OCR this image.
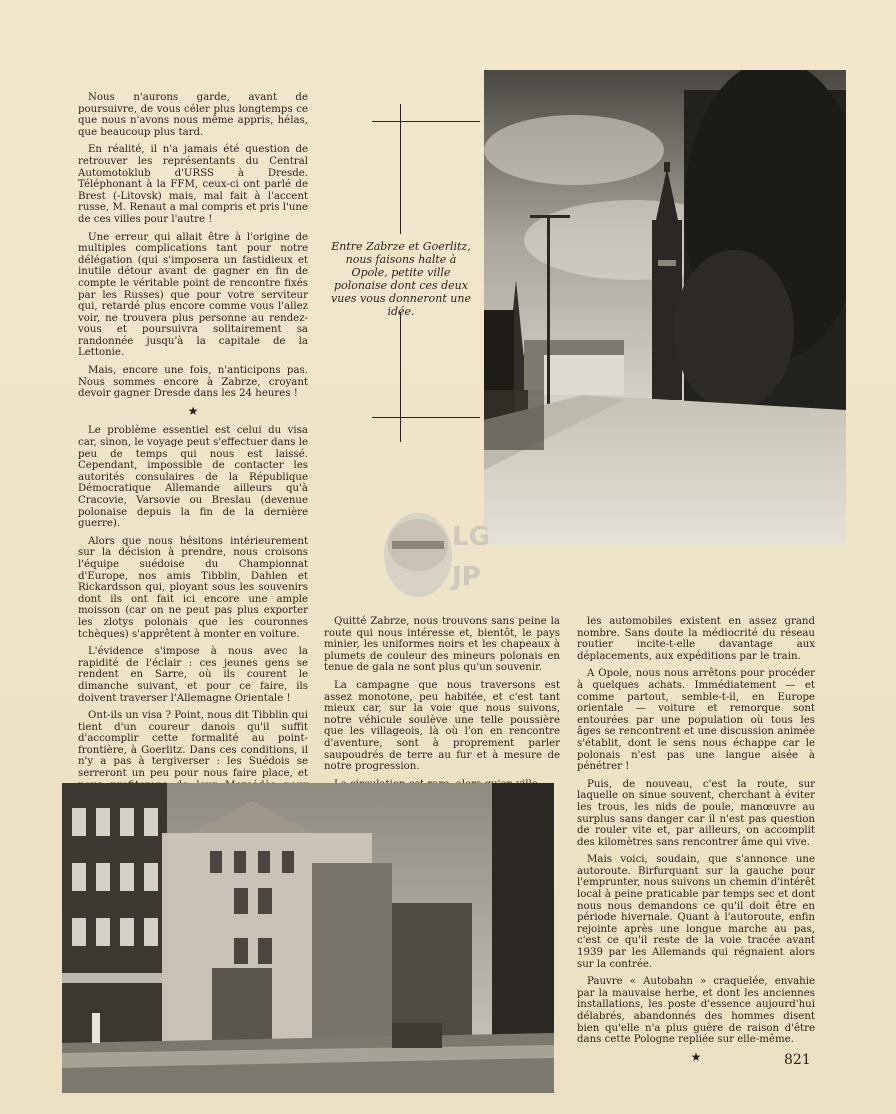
Nous n'aurons garde, avant de poursuivre, de vous céler plus longtemps ce que nous n'avons nous même appris, hélas, que beaucoup plus tard.

En réalité, il n'a jamais été question de retrouver les représentants du Central Automotoklub d'URSS à Dresde. Téléphonant à la FFM, ceux-ci ont parlé de Brest (-Litovsk) mais, mal fait à l'accent russe, M. Renaut a mal compris et pris l'une de ces villes pour l'autre !

Une erreur qui allait être à l'origine de multiples complications tant pour notre délégation (qui s'imposera un fastidieux et inutile détour avant de gagner en fin de compte le véritable point de rencontre fixés par les Russes) que pour votre serviteur qui, retardé plus encore comme vous l'allez voir, ne trouvera plus personne au rendez-vous et poursuivra solitairement sa randonnée jusqu'à la capitale de la Lettonie.

Mais, encore une fois, n'anticipons pas. Nous sommes encore à Zabrze, croyant devoir gagner Dresde dans les 24 heures !

★

Le problème essentiel est celui du visa car, sinon, le voyage peut s'effectuer dans le peu de temps qui nous est laissé. Cependant, impossible de contacter les autorités consulaires de la République Démocratique Allemande ailleurs qu'à Cracovie, Varsovie ou Breslau (devenue polonaise depuis la fin de la dernière guerre).

Alors que nous hésitons intérieurement sur la décision à prendre, nous croisons l'équipe suédoise du Championnat d'Europe, nos amis Tibblin, Dahlen et Rickardsson qui, ployant sous les souvenirs dont ils ont fait ici encore une ample moisson (car on ne peut pas plus exporter les zlotys polonais que les couronnes tchèques) s'apprêtent à monter en voiture.

L'évidence s'impose à nous avec la rapidité de l'éclair : ces jeunes gens se rendent en Sarre, où ils courent le dimanche suivant, et pour ce faire, ils doivent traverser l'Allemagne Orientale !

Ont-ils un visa ? Point, nous dit Tibblin qui tient d'un coureur danois qu'il suffit d'accomplir cette formalité au point-frontière, à Goerlitz. Dans ces conditions, il n'y a pas à tergiverser : les Suédois se serreront un peu pour nous faire place, et

Entre Zabrze et Goerlitz, nous faisons halte à Opole, petite ville polonaise dont ces deux vues vous donneront une idée.
LG
JP

Quitté Zabrze, nous trouvons sans peine la route qui nous intéresse et, bientôt, le pays minier, les uniformes noirs et les chapeaux à plumets de couleur des mineurs polonais en tenue de gala ne sont plus qu'un souvenir.

La campagne que nous traversons est assez monotone, peu habitée, et c'est tant mieux car, sur la voie que nous suivons, notre véhicule soulève une telle poussière que les villageois, là où l'on en rencontre d'aventure, sont à proprement parler saupoudrés de terre au fur et à mesure de notre progression.

les automobiles existent en assez grand nombre. Sans doute la médiocrité du réseau routier incite-t-elle davantage aux déplacements, aux expéditions par le train.

A Opole, nous nous arrêtons pour procéder à quelques achats. Immédiatement — et comme partout, semble-t-il, en Europe orientale — voiture et remorque sont entourées par une population où tous les âges se rencontrent et une discussion animée s'établit, dont le sens nous échappe car le polonais n'est pas une langue aisée à pénétrer !

Puis, de nouveau, c'est la route, sur laquelle on sinue souvent, cherchant à éviter les trous, les nids de poule, manœuvre au surplus sans danger car il n'est pas question de rouler vite et, par ailleurs, on accomplit des kilomètres sans rencontrer âme qui vive.

Mais voici, soudain, que s'annonce une autoroute. Birfurquant sur la gauche pour l'emprunter, nous suivons un chemin d'intérêt local à peine praticable par temps sec et dont nous nous demandons ce qu'il doit être en période hivernale. Quant à l'autoroute, enfin rejointe après une longue marche au pas, c'est ce qu'il reste de la voie tracée avant 1939 par les Allemands qui régnaient alors sur la contrée.

Pauvre « Autobahn » craquelée, envahie par la mauvaise herbe, et dont les anciennes installations, les poste d'essence aujourd'hui délabrés, abandonnés des hommes disent bien qu'elle n'a plus guère de raison d'être dans cette Pologne repliée sur elle-même.

★	821
